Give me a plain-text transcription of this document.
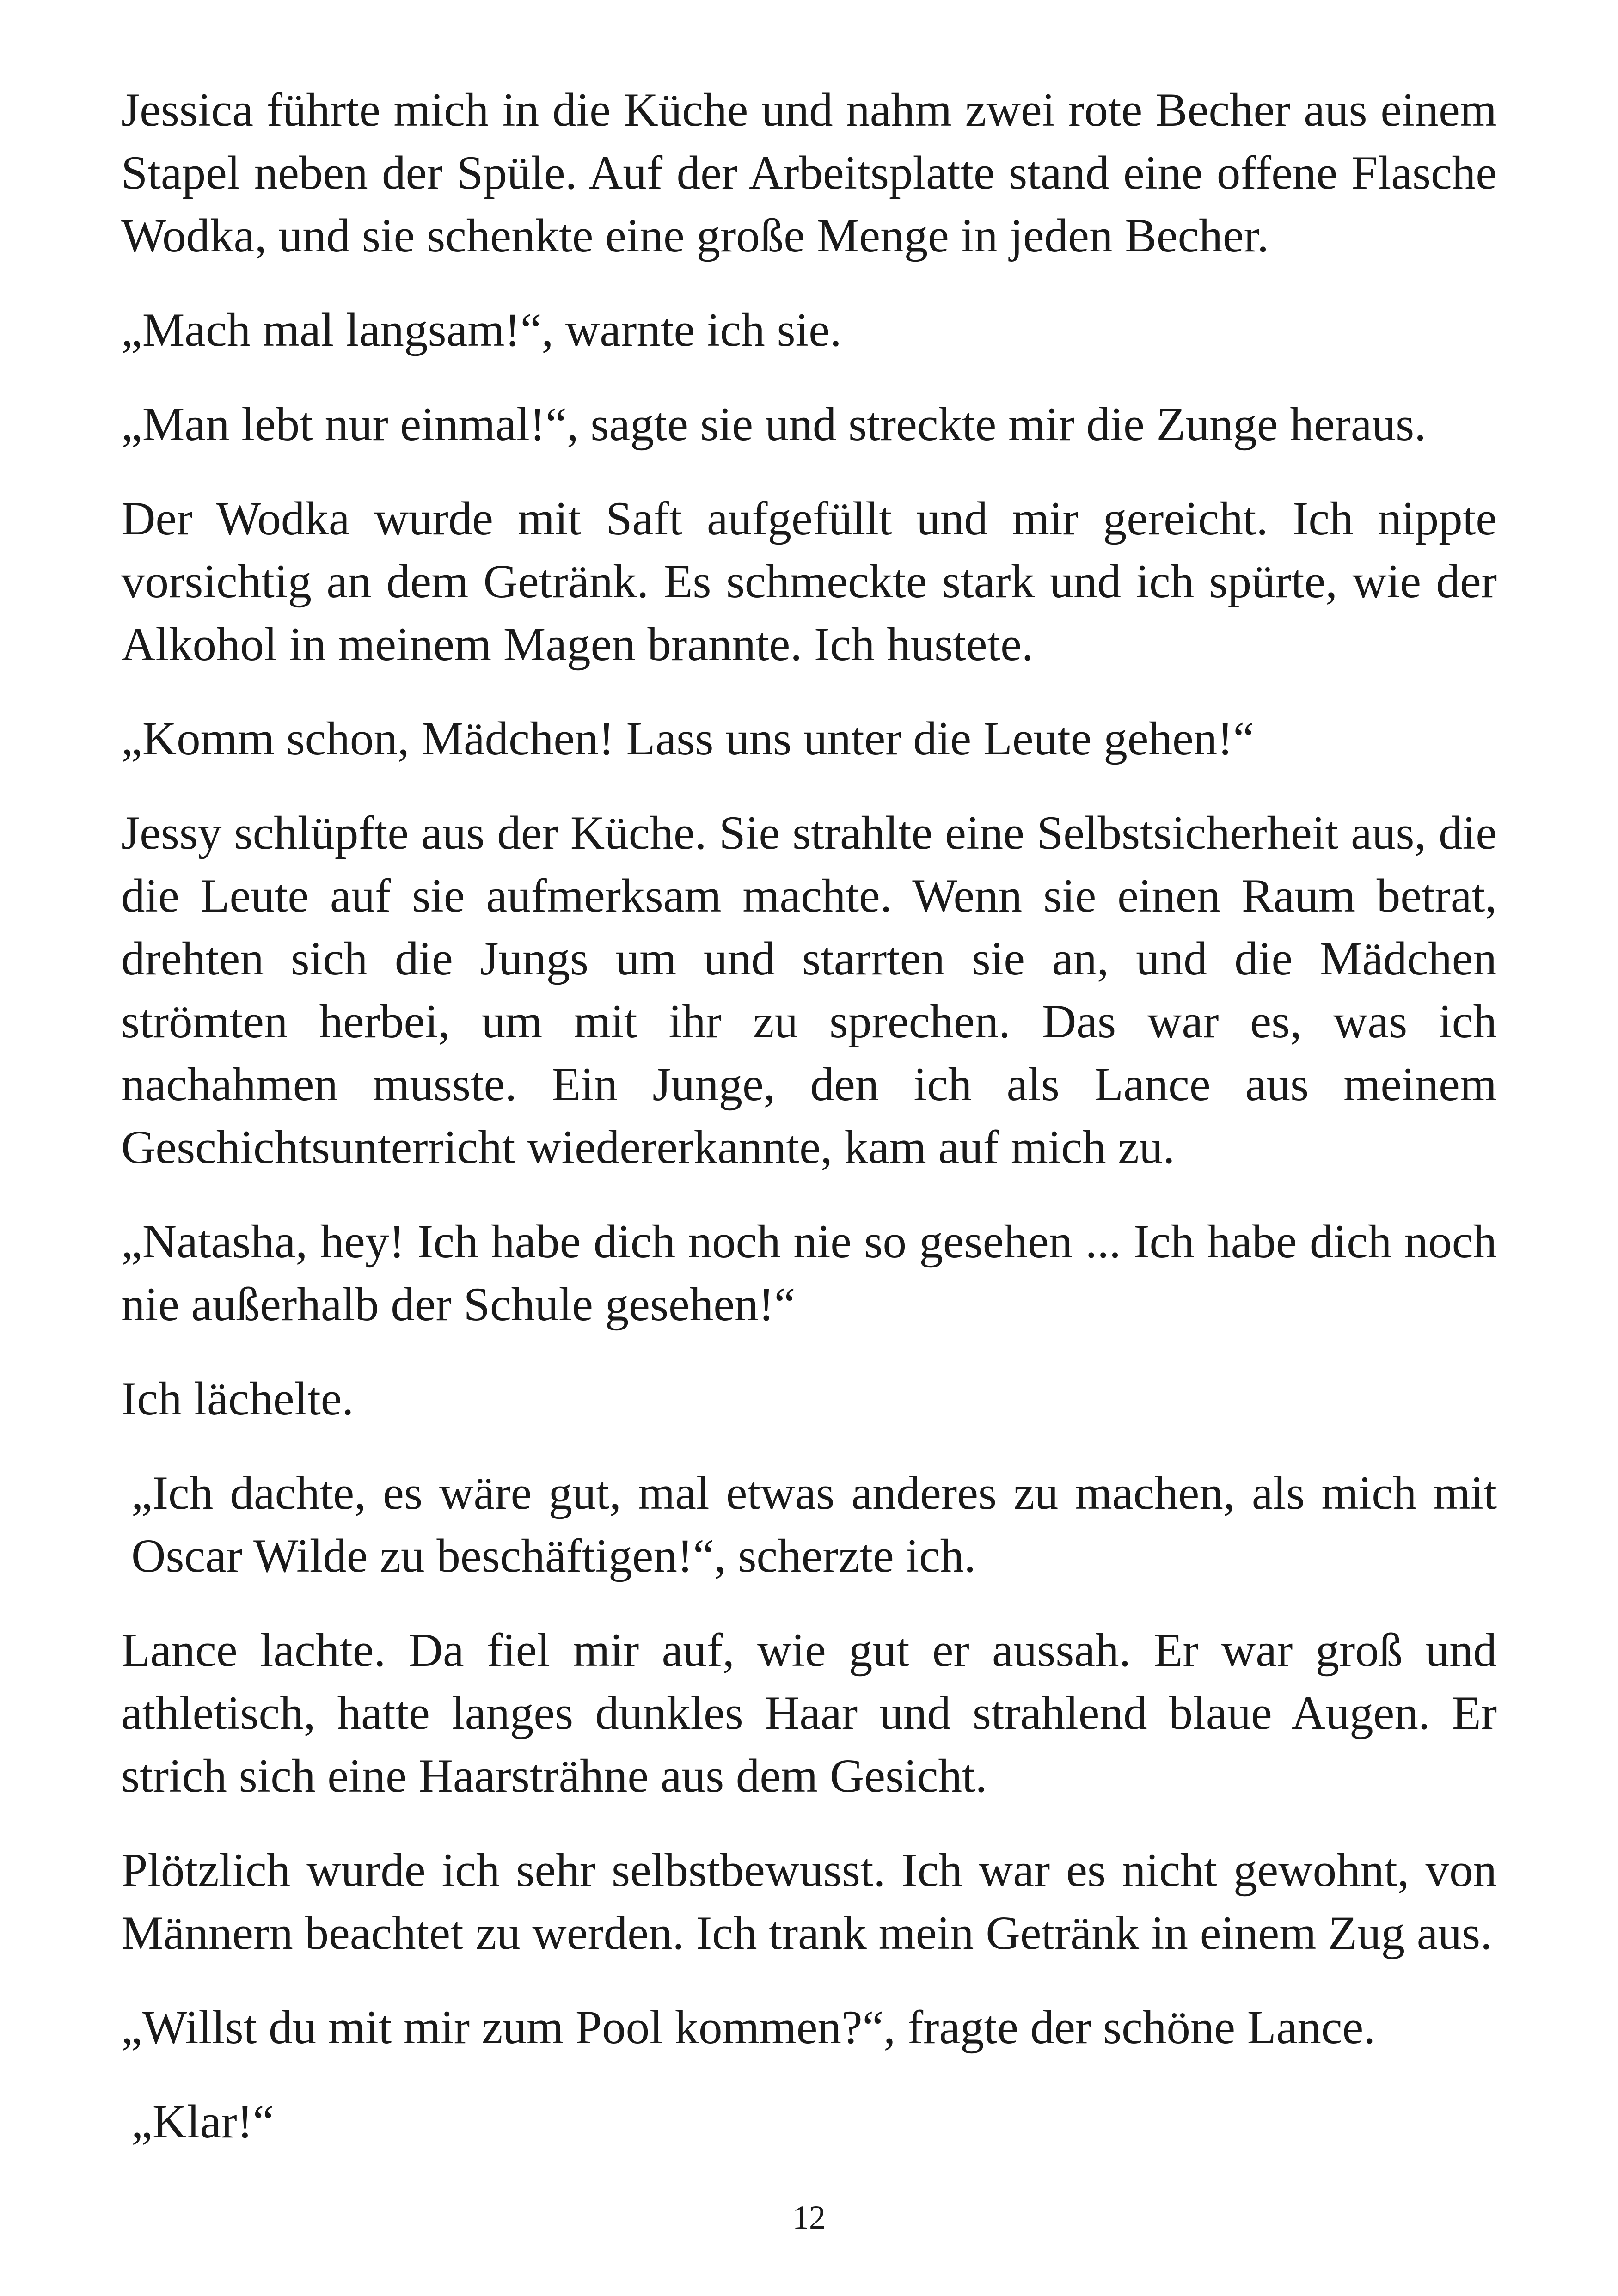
Jessica führte mich in die Küche und nahm zwei rote Becher aus einem Stapel neben der Spüle. Auf der Arbeitsplatte stand eine offene Flasche Wodka, und sie schenkte eine große Menge in jeden Becher.

„Mach mal langsam!“, warnte ich sie.

„Man lebt nur einmal!“, sagte sie und streckte mir die Zunge heraus.

Der Wodka wurde mit Saft aufgefüllt und mir gereicht. Ich nippte vorsichtig an dem Getränk. Es schmeckte stark und ich spürte, wie der Alkohol in meinem Magen brannte. Ich hustete.

„Komm schon, Mädchen! Lass uns unter die Leute gehen!“

Jessy schlüpfte aus der Küche. Sie strahlte eine Selbstsicherheit aus, die die Leute auf sie aufmerksam machte. Wenn sie einen Raum betrat, drehten sich die Jungs um und starrten sie an, und die Mädchen strömten herbei, um mit ihr zu sprechen. Das war es, was ich nachahmen musste. Ein Junge, den ich als Lance aus meinem Geschichtsunterricht wiedererkannte, kam auf mich zu.

„Natasha, hey! Ich habe dich noch nie so gesehen ... Ich habe dich noch nie außerhalb der Schule gesehen!“

Ich lächelte.

„Ich dachte, es wäre gut, mal etwas anderes zu machen, als mich mit Oscar Wilde zu beschäftigen!“, scherzte ich.

Lance lachte. Da fiel mir auf, wie gut er aussah. Er war groß und athletisch, hatte langes dunkles Haar und strahlend blaue Augen. Er strich sich eine Haarsträhne aus dem Gesicht.

Plötzlich wurde ich sehr selbstbewusst. Ich war es nicht gewohnt, von Männern beachtet zu werden. Ich trank mein Getränk in einem Zug aus.

„Willst du mit mir zum Pool kommen?“, fragte der schöne Lance.

„Klar!“

12
